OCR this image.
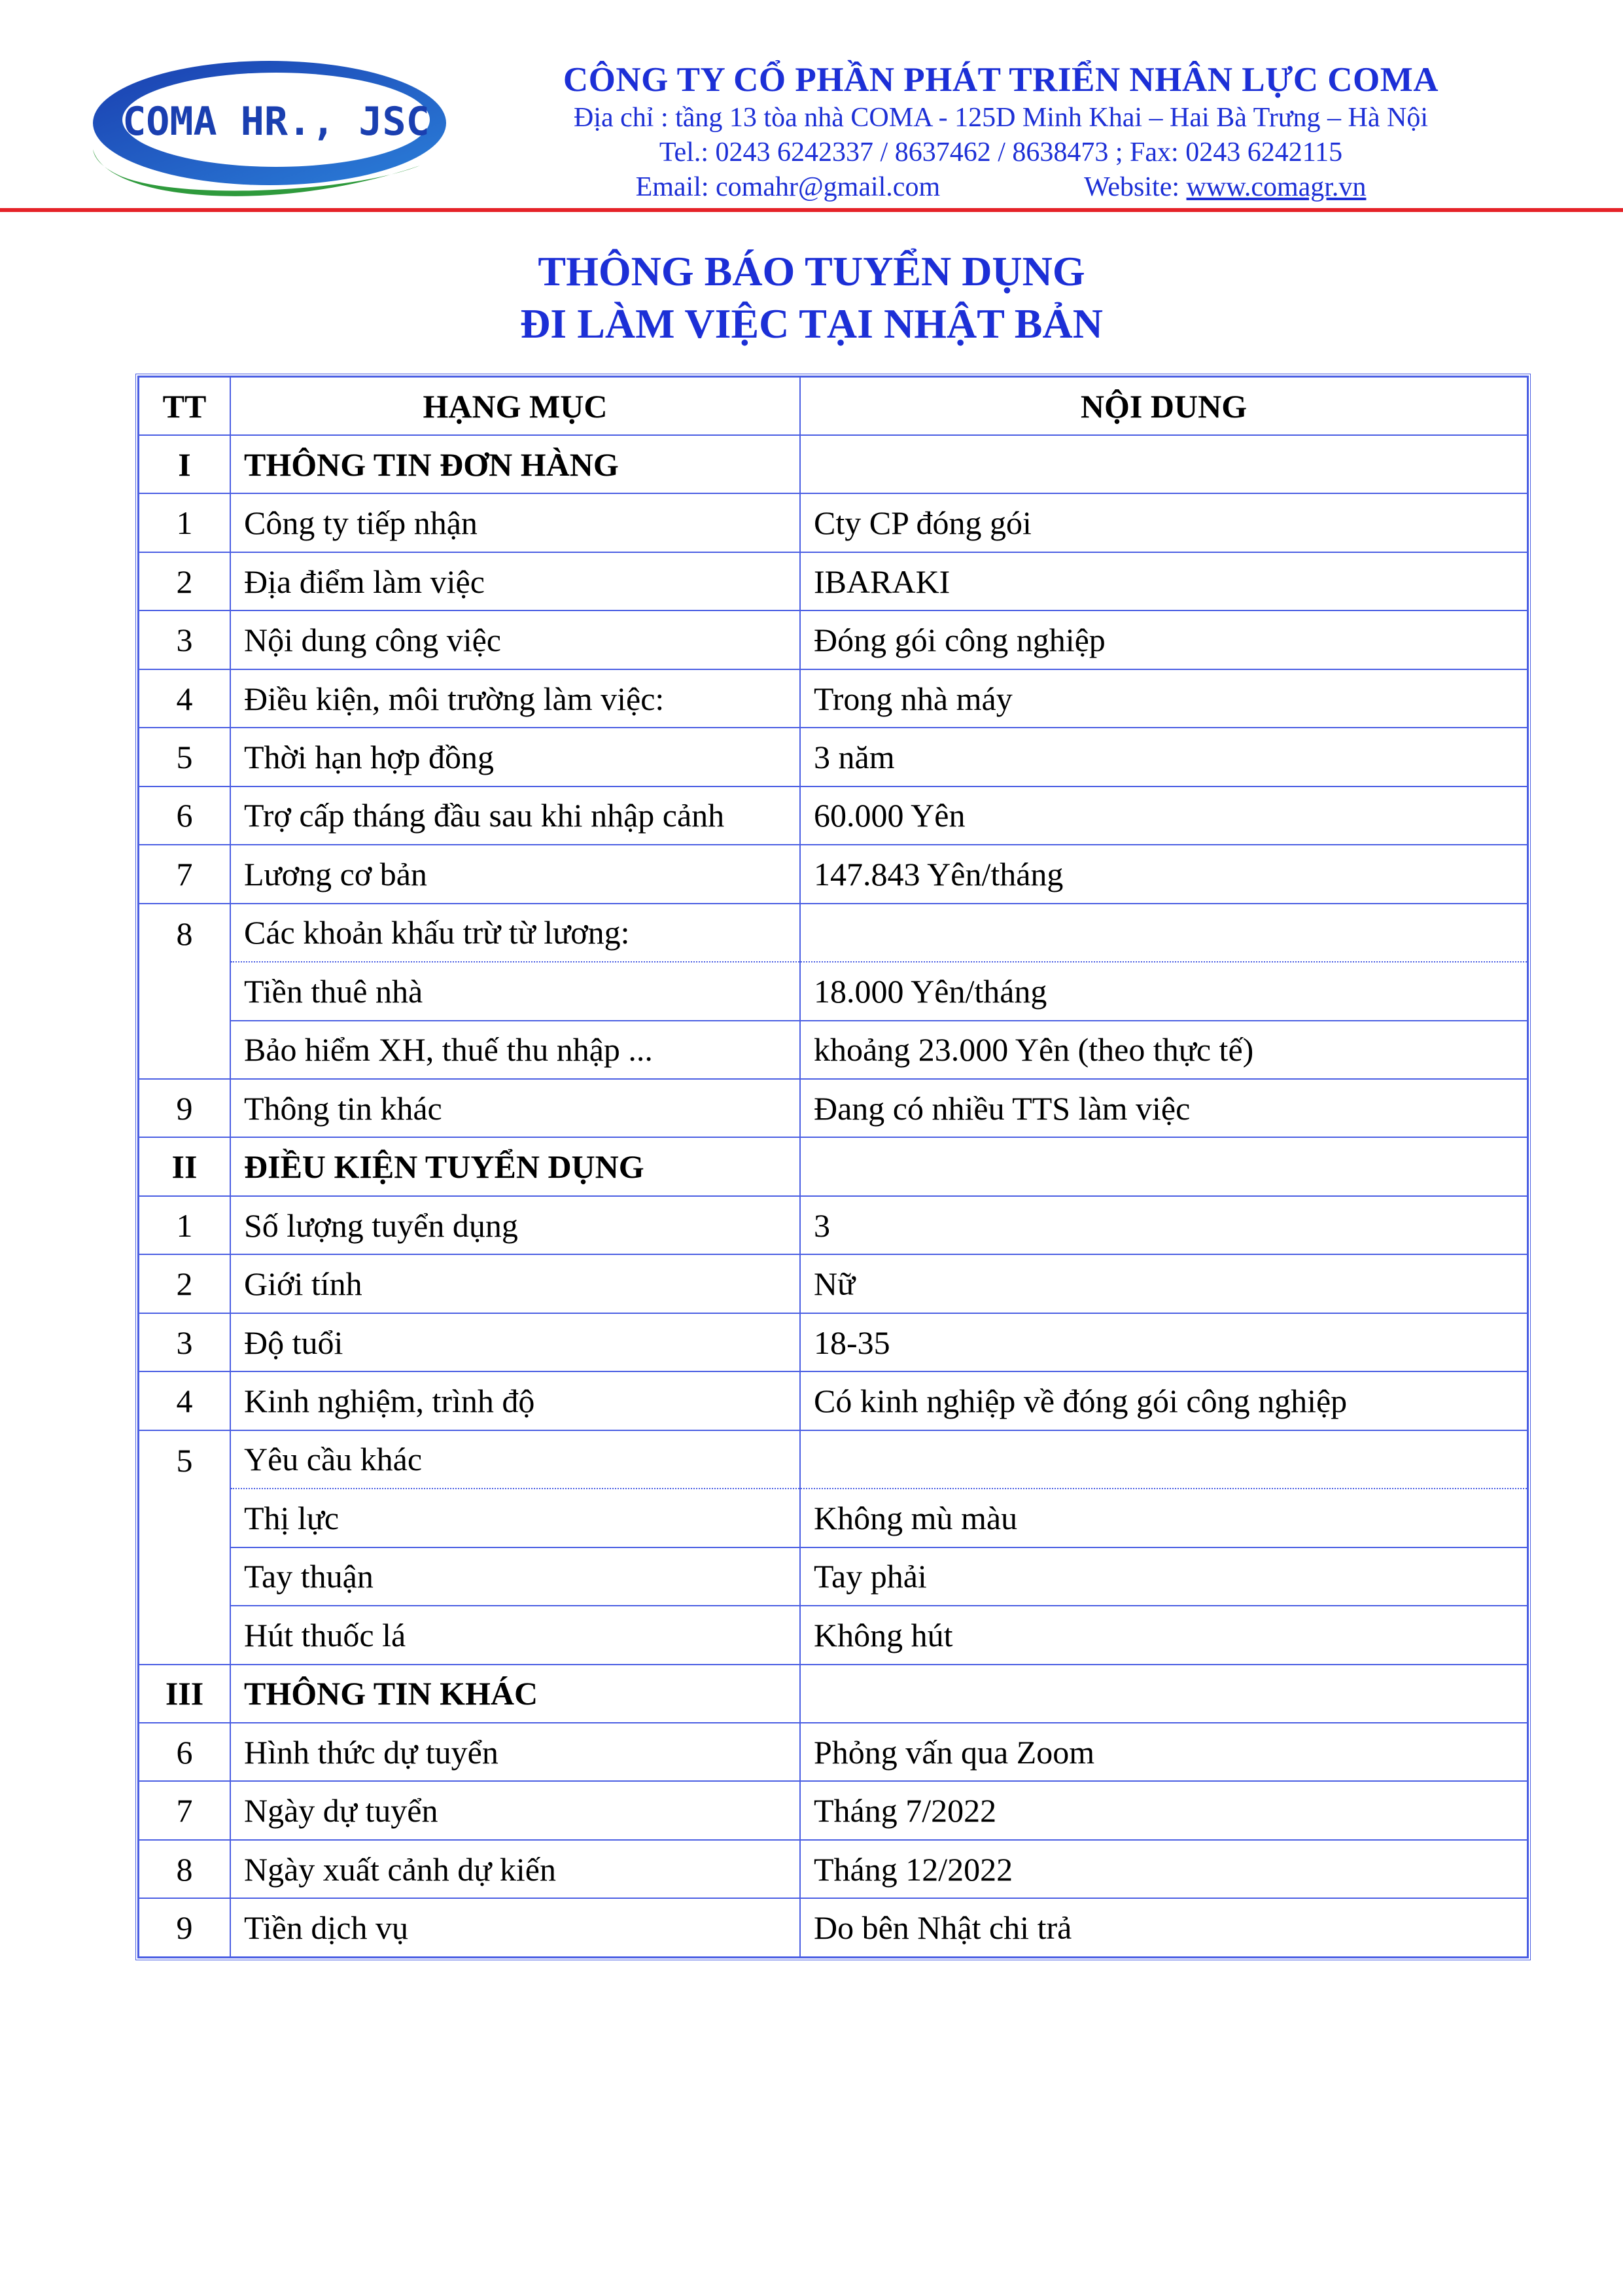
COMA HR., JSC
CÔNG TY CỔ PHẦN PHÁT TRIỂN NHÂN LỰC COMA
Địa chỉ : tầng 13 tòa nhà COMA - 125D Minh Khai – Hai Bà Trưng – Hà Nội
Tel.: 0243 6242337 / 8637462 / 8638473 ; Fax: 0243 6242115
Email: comahr@gmail.com	Website: www.comagr.vn
THÔNG BÁO TUYỂN DỤNG
ĐI LÀM VIỆC TẠI NHẬT BẢN
TT	HẠNG MỤC	NỘI DUNG
I	THÔNG TIN ĐƠN HÀNG	
1	Công ty tiếp nhận	Cty CP đóng gói
2	Địa điểm làm việc	IBARAKI
3	Nội dung công việc	Đóng gói công nghiệp
4	Điều kiện, môi trường làm việc:	Trong nhà máy
5	Thời hạn hợp đồng	3 năm
6	Trợ cấp tháng đầu sau khi nhập cảnh	60.000 Yên
7	Lương cơ bản	147.843 Yên/tháng
8	Các khoản khấu trừ từ lương:	
	Tiền thuê nhà	18.000 Yên/tháng
	Bảo hiểm XH, thuế thu nhập ...	khoảng 23.000 Yên (theo thực tế)
9	Thông tin khác	Đang có nhiều TTS làm việc
II	ĐIỀU KIỆN TUYỂN DỤNG	
1	Số lượng tuyển dụng	3
2	Giới tính	Nữ
3	Độ tuổi	18-35
4	Kinh nghiệm, trình độ	Có kinh nghiệp về đóng gói công nghiệp
5	Yêu cầu khác	
	Thị lực	Không mù màu
	Tay thuận	Tay phải
	Hút thuốc lá	Không hút
III	THÔNG TIN KHÁC	
6	Hình thức dự tuyển	Phỏng vấn qua Zoom
7	Ngày dự tuyển	Tháng 7/2022
8	Ngày xuất cảnh dự kiến	Tháng 12/2022
9	Tiền dịch vụ	Do bên Nhật chi trả
